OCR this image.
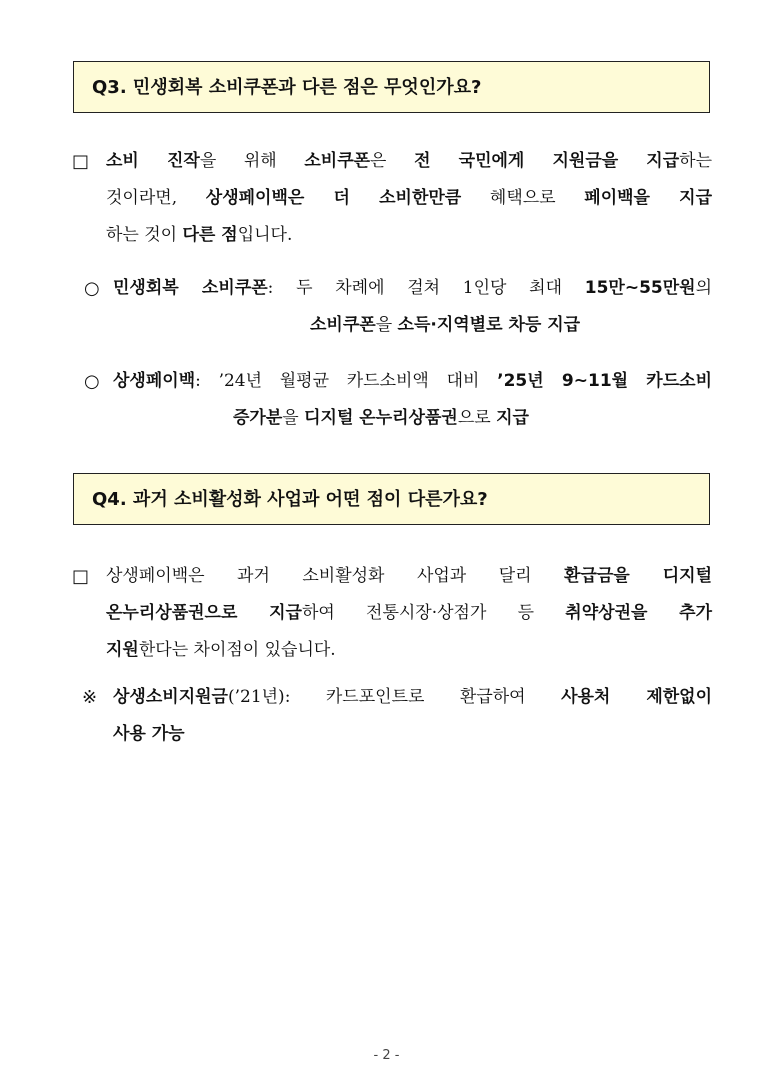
Q3. 민생회복 소비쿠폰과 다른 점은 무엇인가요?
□ 소비 진작을 위해 소비쿠폰은 전 국민에게 지원금을 지급하는
것이라면, 상생페이백은 더 소비한만큼 혜택으로 페이백을 지급
하는 것이 다른 점입니다.
○ 민생회복 소비쿠폰: 두 차례에 걸쳐 1인당 최대 15만~55만원의
소비쿠폰을 소득·지역별로 차등 지급
○ 상생페이백: ’24년 월평균 카드소비액 대비 ’25년 9~11월 카드소비
증가분을 디지털 온누리상품권으로 지급
Q4. 과거 소비활성화 사업과 어떤 점이 다른가요?
□ 상생페이백은 과거 소비활성화 사업과 달리 환급금을 디지털
온누리상품권으로 지급하여 전통시장·상점가 등 취약상권을 추가
지원한다는 차이점이 있습니다.
※ 상생소비지원금(’21년): 카드포인트로 환급하여 사용처 제한없이
사용 가능
- 2 -
